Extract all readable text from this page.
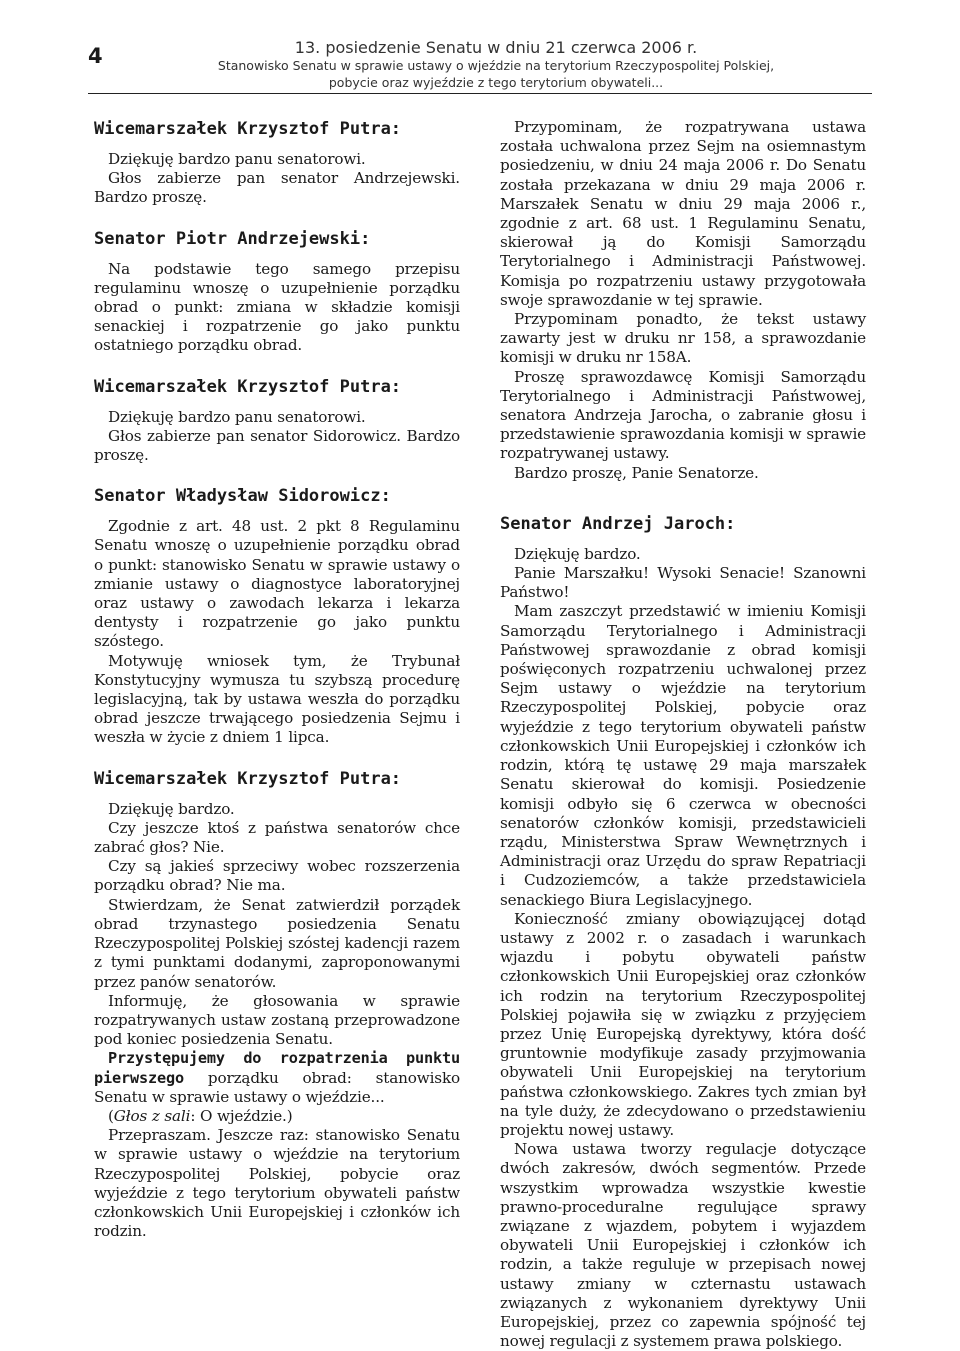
4	13. posiedzenie Senatu w dniu 21 czerwca 2006 r.
Stanowisko Senatu w sprawie ustawy o wjeździe na terytorium Rzeczypospolitej Polskiej,
pobycie oraz wyjeździe z tego terytorium obywateli...
Wicemarszałek Krzysztof Putra:

Dziękuję bardzo panu senatorowi.

Głos zabierze pan senator Andrzejewski. Bardzo proszę.

Senator Piotr Andrzejewski:

Na podstawie tego samego przepisu regulaminu wnoszę o uzupełnienie porządku obrad o punkt: zmiana w składzie komisji senackiej i rozpatrzenie go jako punktu ostatniego porządku obrad.

Wicemarszałek Krzysztof Putra:

Dziękuję bardzo panu senatorowi.

Głos zabierze pan senator Sidorowicz. Bardzo proszę.

Senator Władysław Sidorowicz:

Zgodnie z art. 48 ust. 2 pkt 8 Regulaminu Senatu wnoszę o uzupełnienie porządku obrad o punkt: stanowisko Senatu w sprawie ustawy o zmianie ustawy o diagnostyce laboratoryjnej oraz ustawy o zawodach lekarza i lekarza dentysty i rozpatrzenie go jako punktu szóstego.

Motywuję wniosek tym, że Trybunał Konstytucyjny wymusza tu szybszą procedurę legislacyjną, tak by ustawa weszła do porządku obrad jeszcze trwającego posiedzenia Sejmu i weszła w życie z dniem 1 lipca.

Wicemarszałek Krzysztof Putra:

Dziękuję bardzo.

Czy jeszcze ktoś z państwa senatorów chce zabrać głos? Nie.

Czy są jakieś sprzeciwy wobec rozszerzenia porządku obrad? Nie ma.

Stwierdzam, że Senat zatwierdził porządek obrad trzynastego posiedzenia Senatu Rzeczypospolitej Polskiej szóstej kadencji razem z tymi punktami dodanymi, zaproponowanymi przez panów senatorów.

Informuję, że głosowania w sprawie rozpatrywanych ustaw zostaną przeprowadzone pod koniec posiedzenia Senatu.

Przystępujemy do rozpatrzenia punktu pierwszego porządku obrad: stanowisko Senatu w sprawie ustawy o wjeździe...

(Głos z sali: O wjeździe.)

Przepraszam. Jeszcze raz: stanowisko Senatu w sprawie ustawy o wjeździe na terytorium Rzeczypospolitej Polskiej, pobycie oraz wyjeździe z tego terytorium obywateli państw członkowskich Unii Europejskiej i członków ich rodzin.

Przypominam, że rozpatrywana ustawa została uchwalona przez Sejm na osiemnastym posiedzeniu, w dniu 24 maja 2006 r. Do Senatu została przekazana w dniu 29 maja 2006 r. Marszałek Senatu w dniu 29 maja 2006 r., zgodnie z art. 68 ust. 1 Regulaminu Senatu, skierował ją do Komisji Samorządu Terytorialnego i Administracji Państwowej. Komisja po rozpatrzeniu ustawy przygotowała swoje sprawozdanie w tej sprawie.

Przypominam ponadto, że tekst ustawy zawarty jest w druku nr 158, a sprawozdanie komisji w druku nr 158A.

Proszę sprawozdawcę Komisji Samorządu Terytorialnego i Administracji Państwowej, senatora Andrzeja Jarocha, o zabranie głosu i przedstawienie sprawozdania komisji w sprawie rozpatrywanej ustawy.

Bardzo proszę, Panie Senatorze.

Senator Andrzej Jaroch:

Dziękuję bardzo.

Panie Marszałku! Wysoki Senacie! Szanowni Państwo!

Mam zaszczyt przedstawić w imieniu Komisji Samorządu Terytorialnego i Administracji Państwowej sprawozdanie z obrad komisji poświęconych rozpatrzeniu uchwalonej przez Sejm ustawy o wjeździe na terytorium Rzeczypospolitej Polskiej, pobycie oraz wyjeździe z tego terytorium obywateli państw członkowskich Unii Europejskiej i członków ich rodzin, którą tę ustawę 29 maja marszałek Senatu skierował do komisji. Posiedzenie komisji odbyło się 6 czerwca w obecności senatorów członków komisji, przedstawicieli rządu, Ministerstwa Spraw Wewnętrznych i Administracji oraz Urzędu do spraw Repatriacji i Cudzoziemców, a także przedstawiciela senackiego Biura Legislacyjnego.

Konieczność zmiany obowiązującej dotąd ustawy z 2002 r. o zasadach i warunkach wjazdu i pobytu obywateli państw członkowskich Unii Europejskiej oraz członków ich rodzin na terytorium Rzeczypospolitej Polskiej pojawiła się w związku z przyjęciem przez Unię Europejską dyrektywy, która dość gruntownie modyfikuje zasady przyjmowania obywateli Unii Europejskiej na terytorium państwa członkowskiego. Zakres tych zmian był na tyle duży, że zdecydowano o przedstawieniu projektu nowej ustawy.

Nowa ustawa tworzy regulacje dotyczące dwóch zakresów, dwóch segmentów. Przede wszystkim wprowadza wszystkie kwestie prawno-proceduralne regulujące sprawy związane z wjazdem, pobytem i wyjazdem obywateli Unii Europejskiej i członków ich rodzin, a także reguluje w przepisach nowej ustawy zmiany w czternastu ustawach związanych z wykonaniem dyrektywy Unii Europejskiej, przez co zapewnia spójność tej nowej regulacji z systemem prawa polskiego.
